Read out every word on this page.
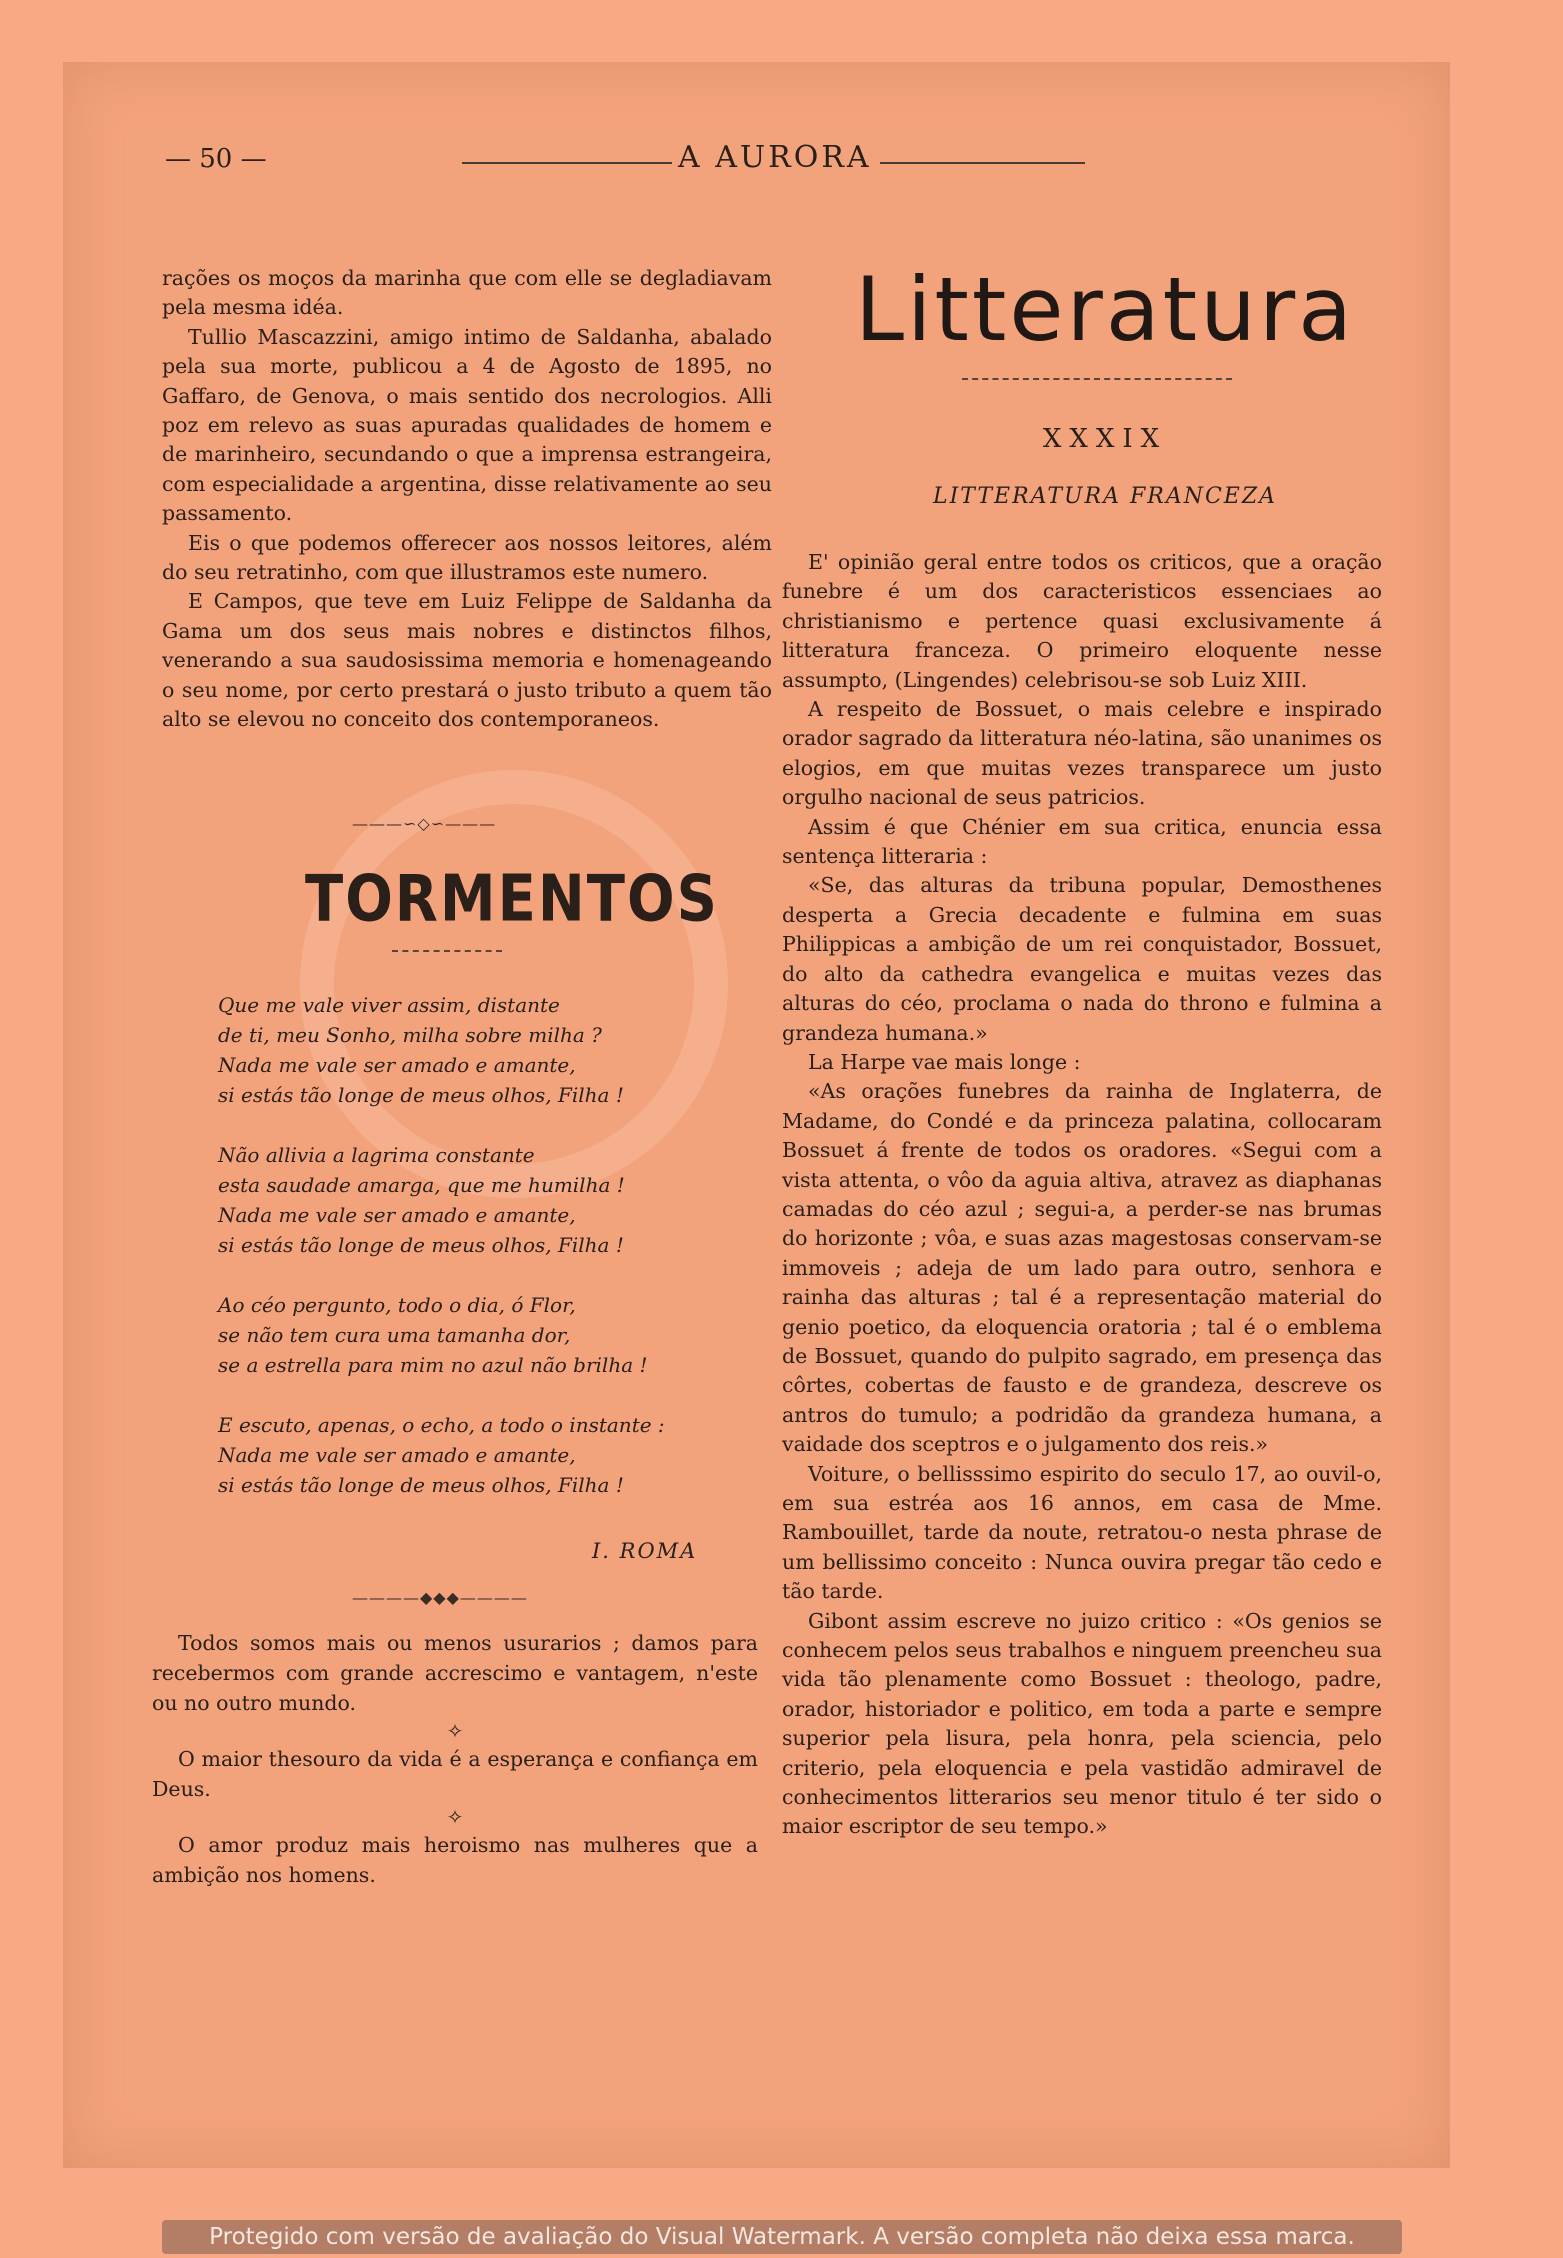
— 50 —	A AURORA

rações os moços da marinha que com elle se degladiavam pela mesma idéa.

Tullio Mascazzini, amigo intimo de Saldanha, abalado pela sua morte, publicou a 4 de Agosto de 1895, no Gaffaro, de Genova, o mais sentido dos necrologios. Alli poz em relevo as suas apuradas qualidades de homem e de marinheiro, secundando o que a imprensa estrangeira, com especialidade a argentina, disse relativamente ao seu passamento.

Eis o que podemos offerecer aos nossos leitores, além do seu retratinho, com que illustramos este numero.

E Campos, que teve em Luiz Felippe de Saldanha da Gama um dos seus mais nobres e distinctos filhos, venerando a sua saudosissima memoria e homenageando o seu nome, por certo prestará o justo tributo a quem tão alto se elevou no conceito dos contemporaneos.

———∽◇∽———
TORMENTOS
Que me vale viver assim, distante
de ti, meu Sonho, milha sobre milha ?
Nada me vale ser amado e amante,
si estás tão longe de meus olhos, Filha !
Não allivia a lagrima constante
esta saudade amarga, que me humilha !
Nada me vale ser amado e amante,
si estás tão longe de meus olhos, Filha !
Ao céo pergunto, todo o dia, ó Flor,
se não tem cura uma tamanha dor,
se a estrella para mim no azul não brilha !
E escuto, apenas, o echo, a todo o instante :
Nada me vale ser amado e amante,
si estás tão longe de meus olhos, Filha !
I. ROMA
————◆◆◆————

Todos somos mais ou menos usurarios ; damos para recebermos com grande accrescimo e vantagem, n'este ou no outro mundo.

✧

O maior thesouro da vida é a esperança e confiança em Deus.

✧

O amor produz mais heroismo nas mulheres que a ambição nos homens.

Litteratura
XXXIX
LITTERATURA FRANCEZA

E' opinião geral entre todos os criticos, que a oração funebre é um dos caracteristicos essenciaes ao christianismo e pertence quasi exclusivamente á litteratura franceza. O primeiro eloquente nesse assumpto, (Lingendes) celebrisou-se sob Luiz XIII.

A respeito de Bossuet, o mais celebre e inspirado orador sagrado da litteratura néo-latina, são unanimes os elogios, em que muitas vezes transparece um justo orgulho nacional de seus patricios.

Assim é que Chénier em sua critica, enuncia essa sentença litteraria :

«Se, das alturas da tribuna popular, Demosthenes desperta a Grecia decadente e fulmina em suas Philippicas a ambição de um rei conquistador, Bossuet, do alto da cathedra evangelica e muitas vezes das alturas do céo, proclama o nada do throno e fulmina a grandeza humana.»

La Harpe vae mais longe :

«As orações funebres da rainha de Inglaterra, de Madame, do Condé e da princeza palatina, collocaram Bossuet á frente de todos os oradores. «Segui com a vista attenta, o vôo da aguia altiva, atravez as diaphanas camadas do céo azul ; segui-a, a perder-se nas brumas do horizonte ; vôa, e suas azas magestosas conservam-se immoveis ; adeja de um lado para outro, senhora e rainha das alturas ; tal é a representação material do genio poetico, da eloquencia oratoria ; tal é o emblema de Bossuet, quando do pulpito sagrado, em presença das côrtes, cobertas de fausto e de grandeza, descreve os antros do tumulo; a podridão da grandeza humana, a vaidade dos sceptros e o julgamento dos reis.»

Voiture, o bellisssimo espirito do seculo 17, ao ouvil-o, em sua estréa aos 16 annos, em casa de Mme. Rambouillet, tarde da noute, retratou-o nesta phrase de um bellissimo conceito : Nunca ouvira pregar tão cedo e tão tarde.

Gibont assim escreve no juizo critico : «Os genios se conhecem pelos seus trabalhos e ninguem preencheu sua vida tão plenamente como Bossuet : theologo, padre, orador, historiador e politico, em toda a parte e sempre superior pela lisura, pela honra, pela sciencia, pelo criterio, pela eloquencia e pela vastidão admiravel de conhecimentos litterarios seu menor titulo é ter sido o maior escriptor de seu tempo.»

Protegido com versão de avaliação do Visual Watermark. A versão completa não deixa essa marca.
